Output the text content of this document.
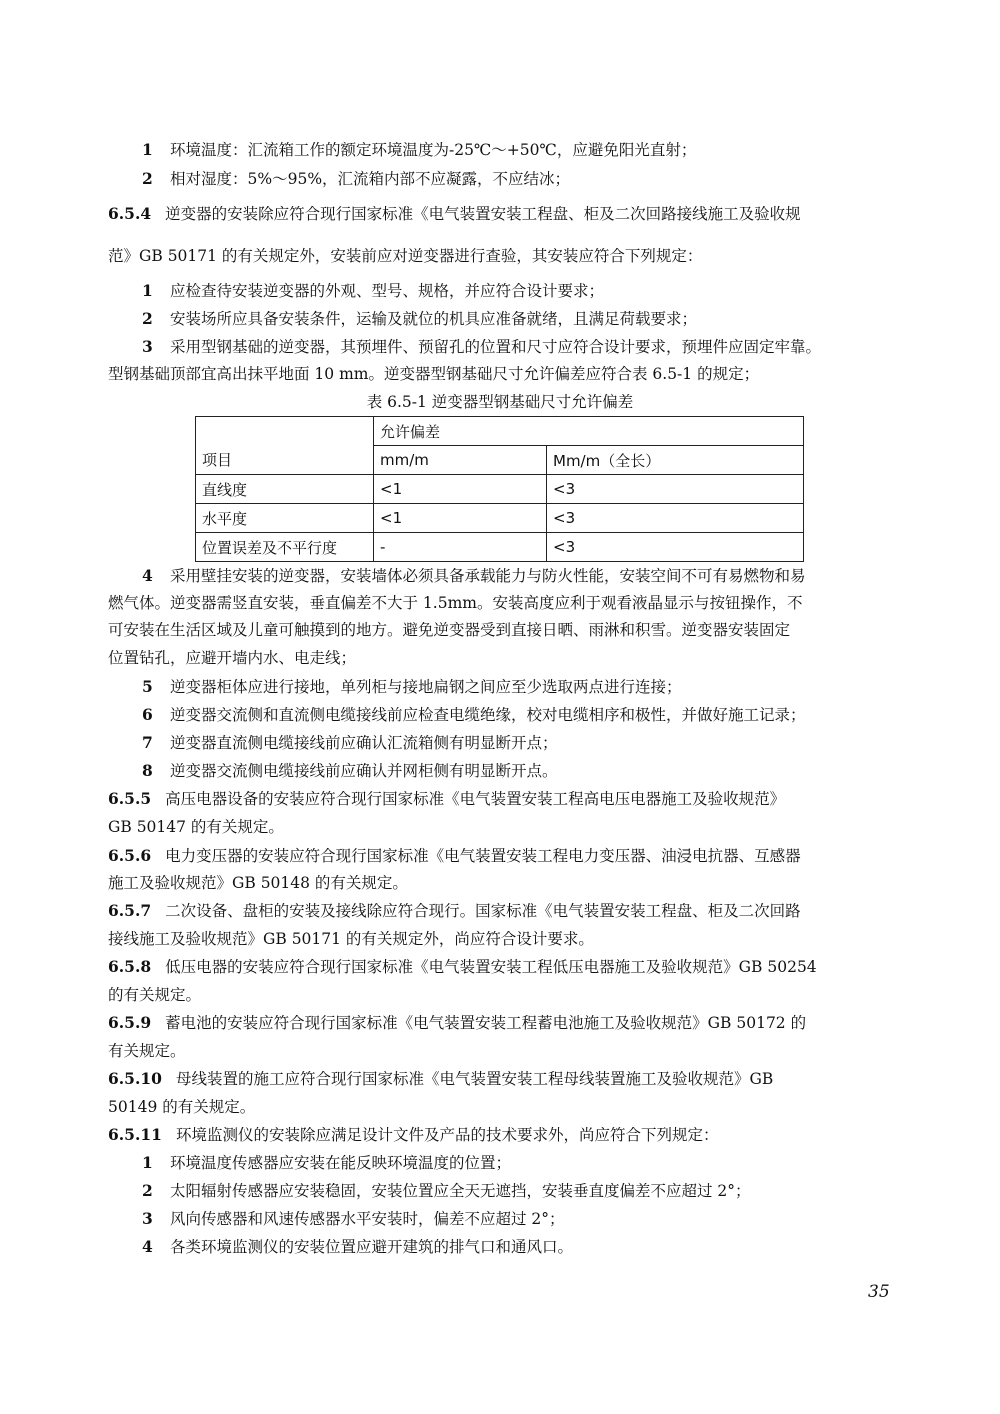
1 环境温度：汇流箱工作的额定环境温度为-25℃～+50℃，应避免阳光直射；
2 相对湿度：5%～95%，汇流箱内部不应凝露，不应结冰；
6.5.4 逆变器的安装除应符合现行国家标准《电气装置安装工程盘、柜及二次回路接线施工及验收规
范》GB 50171 的有关规定外，安装前应对逆变器进行查验，其安装应符合下列规定：
1 应检查待安装逆变器的外观、型号、规格，并应符合设计要求；
2 安装场所应具备安装条件，运输及就位的机具应准备就绪，且满足荷载要求；
3 采用型钢基础的逆变器，其预埋件、预留孔的位置和尺寸应符合设计要求，预埋件应固定牢靠。
型钢基础顶部宜高出抹平地面 10 mm。逆变器型钢基础尺寸允许偏差应符合表 6.5-1 的规定；
表 6.5-1 逆变器型钢基础尺寸允许偏差
项目	允许偏差	
	mm/m	Mm/m（全长）
直线度	<1	<3
水平度	<1	<3
位置误差及不平行度	-	<3
4 采用壁挂安装的逆变器，安装墙体必须具备承载能力与防火性能，安装空间不可有易燃物和易
燃气体。逆变器需竖直安装，垂直偏差不大于 1.5mm。安装高度应利于观看液晶显示与按钮操作，不
可安装在生活区域及儿童可触摸到的地方。避免逆变器受到直接日晒、雨淋和积雪。逆变器安装固定
位置钻孔，应避开墙内水、电走线；
5 逆变器柜体应进行接地，单列柜与接地扁钢之间应至少选取两点进行连接；
6 逆变器交流侧和直流侧电缆接线前应检查电缆绝缘，校对电缆相序和极性，并做好施工记录；
7 逆变器直流侧电缆接线前应确认汇流箱侧有明显断开点；
8 逆变器交流侧电缆接线前应确认并网柜侧有明显断开点。
6.5.5 高压电器设备的安装应符合现行国家标准《电气装置安装工程高电压电器施工及验收规范》
GB 50147 的有关规定。
6.5.6 电力变压器的安装应符合现行国家标准《电气装置安装工程电力变压器、油浸电抗器、互感器
施工及验收规范》GB 50148 的有关规定。
6.5.7 二次设备、盘柜的安装及接线除应符合现行。国家标准《电气装置安装工程盘、柜及二次回路
接线施工及验收规范》GB 50171 的有关规定外，尚应符合设计要求。
6.5.8 低压电器的安装应符合现行国家标准《电气装置安装工程低压电器施工及验收规范》GB 50254
的有关规定。
6.5.9 蓄电池的安装应符合现行国家标准《电气装置安装工程蓄电池施工及验收规范》GB 50172 的
有关规定。
6.5.10 母线装置的施工应符合现行国家标准《电气装置安装工程母线装置施工及验收规范》GB
50149 的有关规定。
6.5.11 环境监测仪的安装除应满足设计文件及产品的技术要求外，尚应符合下列规定：
1 环境温度传感器应安装在能反映环境温度的位置；
2 太阳辐射传感器应安装稳固，安装位置应全天无遮挡，安装垂直度偏差不应超过 2°；
3 风向传感器和风速传感器水平安装时，偏差不应超过 2°；
4 各类环境监测仪的安装位置应避开建筑的排气口和通风口。
35
